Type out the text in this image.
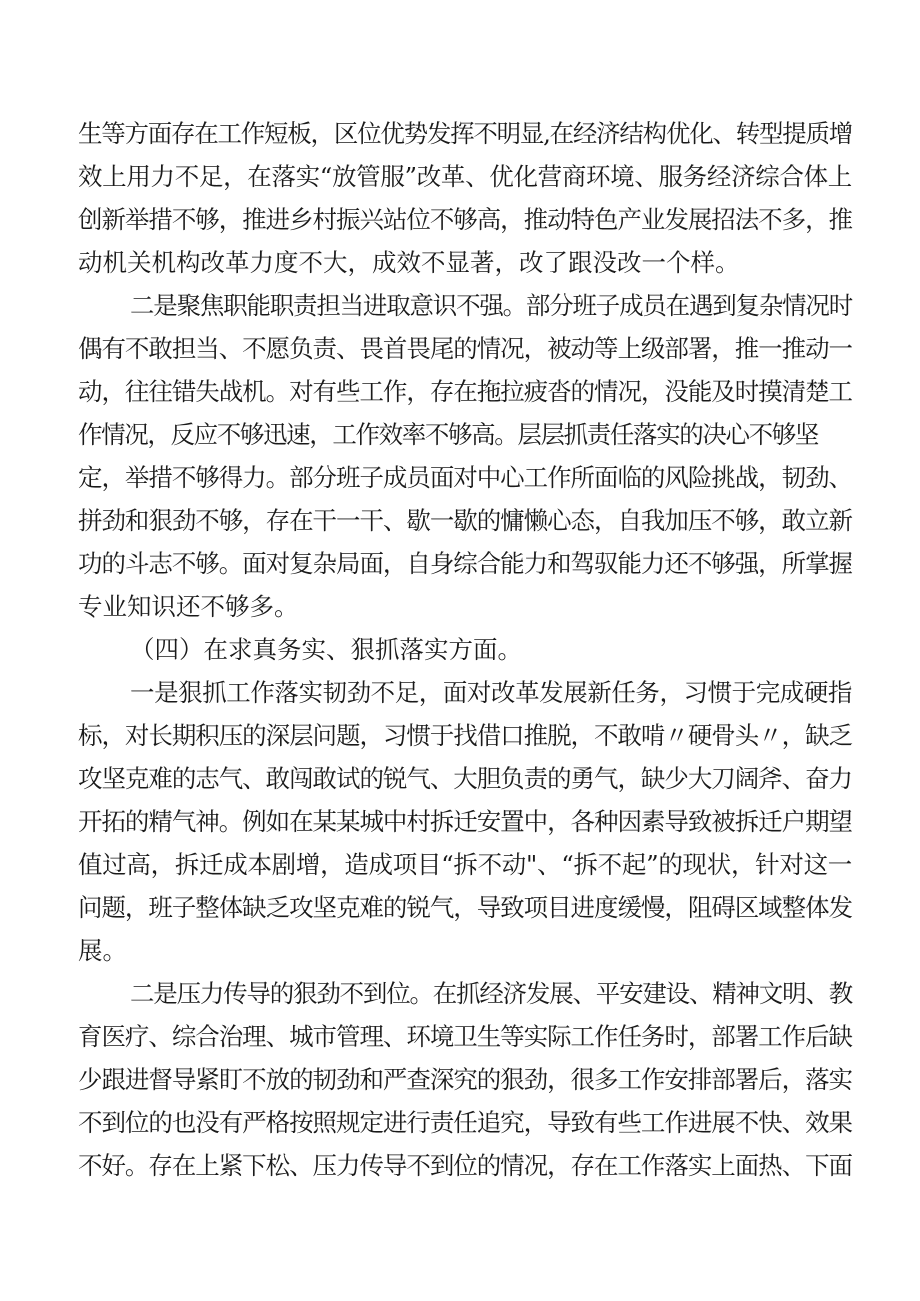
生等方面存在工作短板，区位优势发挥不明显,在经济结构优化、转型提质增
效上用力不足，在落实“放管服”改革、优化营商环境、服务经济综合体上
创新举措不够，推进乡村振兴站位不够高，推动特色产业发展招法不多，推
动机关机构改革力度不大，成效不显著，改了跟没改一个样。
二是聚焦职能职责担当进取意识不强。部分班子成员在遇到复杂情况时
偶有不敢担当、不愿负责、畏首畏尾的情况，被动等上级部署，推一推动一
动，往往错失战机。对有些工作，存在拖拉疲沓的情况，没能及时摸清楚工
作情况，反应不够迅速，工作效率不够高。层层抓责任落实的决心不够坚
定，举措不够得力。部分班子成员面对中心工作所面临的风险挑战，韧劲、
拼劲和狠劲不够，存在干一干、歇一歇的慵懒心态，自我加压不够，敢立新
功的斗志不够。面对复杂局面，自身综合能力和驾驭能力还不够强，所掌握
专业知识还不够多。
（四）在求真务实、狠抓落实方面。
一是狠抓工作落实韧劲不足，面对改革发展新任务，习惯于完成硬指
标，对长期积压的深层问题，习惯于找借口推脱，不敢啃〃硬骨头〃，缺乏
攻坚克难的志气、敢闯敢试的锐气、大胆负责的勇气，缺少大刀阔斧、奋力
开拓的精气神。例如在某某城中村拆迁安置中，各种因素导致被拆迁户期望
值过高，拆迁成本剧增，造成项目“拆不动"、“拆不起”的现状，针对这一
问题，班子整体缺乏攻坚克难的锐气，导致项目进度缓慢，阻碍区域整体发
展。
二是压力传导的狠劲不到位。在抓经济发展、平安建设、精神文明、教
育医疗、综合治理、城市管理、环境卫生等实际工作任务时，部署工作后缺
少跟进督导紧盯不放的韧劲和严查深究的狠劲，很多工作安排部署后，落实
不到位的也没有严格按照规定进行责任追究，导致有些工作进展不快、效果
不好。存在上紧下松、压力传导不到位的情况，存在工作落实上面热、下面
